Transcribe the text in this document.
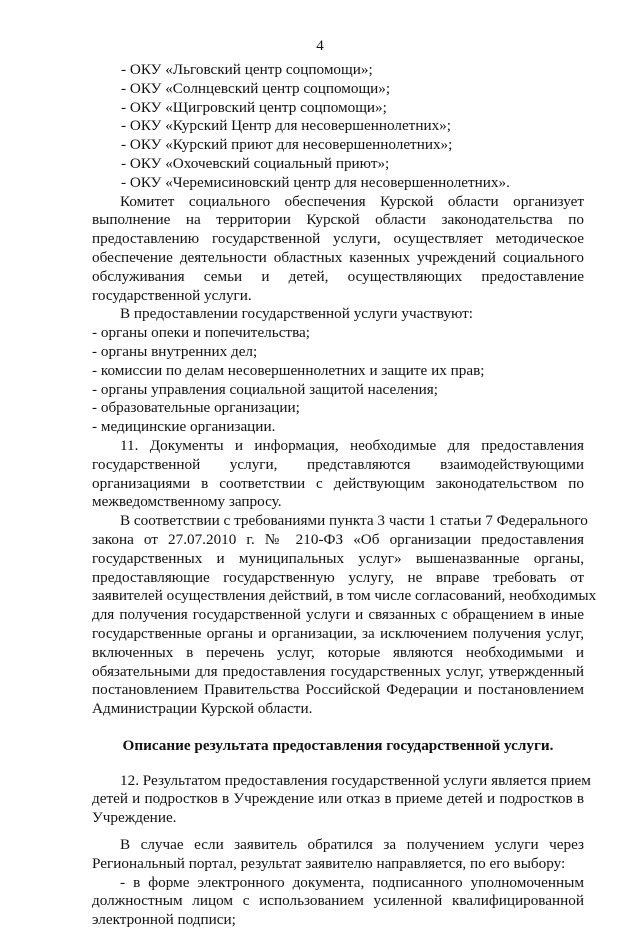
4
- ОКУ «Льговский центр соцпомощи»;
- ОКУ «Солнцевский центр соцпомощи»;
- ОКУ «Щигровский центр соцпомощи»;
- ОКУ «Курский Центр для несовершеннолетних»;
- ОКУ «Курский приют для несовершеннолетних»;
- ОКУ «Охочевский социальный приют»;
- ОКУ «Черемисиновский центр для несовершеннолетних».
Комитет социального обеспечения Курской области организует
выполнение на территории Курской области законодательства по
предоставлению государственной услуги, осуществляет методическое
обеспечение деятельности областных казенных учреждений социального
обслуживания семьи и детей, осуществляющих предоставление
государственной услуги.
В предоставлении государственной услуги участвуют:
- органы опеки и попечительства;
- органы внутренних дел;
- комиссии по делам несовершеннолетних и защите их прав;
- органы управления социальной защитой населения;
- образовательные организации;
- медицинские организации.
11. Документы и информация, необходимые для предоставления
государственной услуги, представляются взаимодействующими
организациями в соответствии с действующим законодательством по
межведомственному запросу.
В соответствии с требованиями пункта 3 части 1 статьи 7 Федерального
закона от 27.07.2010 г. № 210-ФЗ «Об организации предоставления
государственных и муниципальных услуг» вышеназванные органы,
предоставляющие государственную услугу, не вправе требовать от
заявителей осуществления действий, в том числе согласований, необходимых
для получения государственной услуги и связанных с обращением в иные
государственные органы и организации, за исключением получения услуг,
включенных в перечень услуг, которые являются необходимыми и
обязательными для предоставления государственных услуг, утвержденный
постановлением Правительства Российской Федерации и постановлением
Администрации Курской области.
Описание результата предоставления государственной услуги.
12. Результатом предоставления государственной услуги является прием
детей и подростков в Учреждение или отказ в приеме детей и подростков в
Учреждение.
В случае если заявитель обратился за получением услуги через
Региональный портал, результат заявителю направляется, по его выбору:
- в форме электронного документа, подписанного уполномоченным
должностным лицом с использованием усиленной квалифицированной
электронной подписи;
